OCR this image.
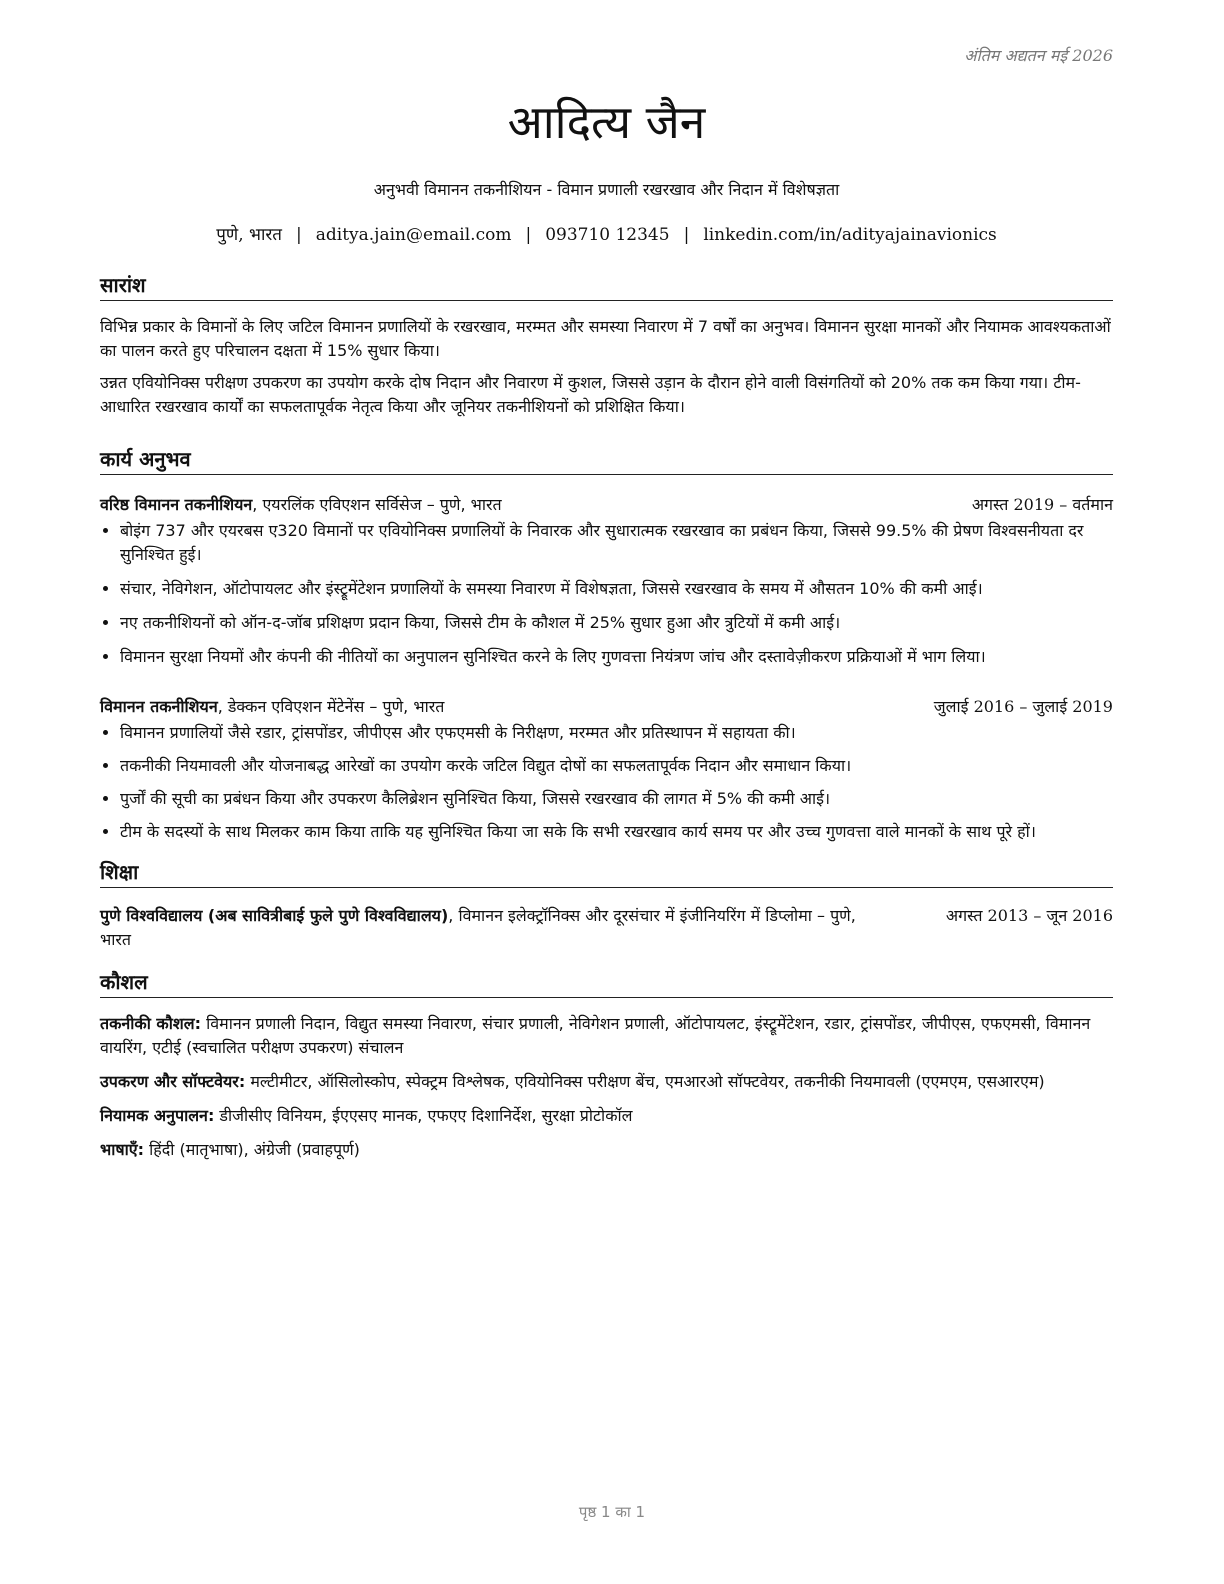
अंतिम अद्यतन मई 2026
आदित्य जैन
अनुभवी विमानन तकनीशियन - विमान प्रणाली रखरखाव और निदान में विशेषज्ञता
पुणे, भारत | aditya.jain@email.com | 093710 12345 | linkedin.com/in/adityajainavionics
सारांश

विभिन्न प्रकार के विमानों के लिए जटिल विमानन प्रणालियों के रखरखाव, मरम्मत और समस्या निवारण में 7 वर्षों का अनुभव। विमानन सुरक्षा मानकों और नियामक आवश्यकताओं का पालन करते हुए परिचालन दक्षता में 15% सुधार किया।

उन्नत एवियोनिक्स परीक्षण उपकरण का उपयोग करके दोष निदान और निवारण में कुशल, जिससे उड़ान के दौरान होने वाली विसंगतियों को 20% तक कम किया गया। टीम-आधारित रखरखाव कार्यों का सफलतापूर्वक नेतृत्व किया और जूनियर तकनीशियनों को प्रशिक्षित किया।

कार्य अनुभव
वरिष्ठ विमानन तकनीशियन, एयरलिंक एविएशन सर्विसेज – पुणे, भारत	अगस्त 2019 – वर्तमान
• बोइंग 737 और एयरबस ए320 विमानों पर एवियोनिक्स प्रणालियों के निवारक और सुधारात्मक रखरखाव का प्रबंधन किया, जिससे 99.5% की प्रेषण विश्वसनीयता दर सुनिश्चित हुई।
• संचार, नेविगेशन, ऑटोपायलट और इंस्ट्रूमेंटेशन प्रणालियों के समस्या निवारण में विशेषज्ञता, जिससे रखरखाव के समय में औसतन 10% की कमी आई।
• नए तकनीशियनों को ऑन-द-जॉब प्रशिक्षण प्रदान किया, जिससे टीम के कौशल में 25% सुधार हुआ और त्रुटियों में कमी आई।
• विमानन सुरक्षा नियमों और कंपनी की नीतियों का अनुपालन सुनिश्चित करने के लिए गुणवत्ता नियंत्रण जांच और दस्तावेज़ीकरण प्रक्रियाओं में भाग लिया।
विमानन तकनीशियन, डेक्कन एविएशन मेंटेनेंस – पुणे, भारत	जुलाई 2016 – जुलाई 2019
• विमानन प्रणालियों जैसे रडार, ट्रांसपोंडर, जीपीएस और एफएमसी के निरीक्षण, मरम्मत और प्रतिस्थापन में सहायता की।
• तकनीकी नियमावली और योजनाबद्ध आरेखों का उपयोग करके जटिल विद्युत दोषों का सफलतापूर्वक निदान और समाधान किया।
• पुर्जों की सूची का प्रबंधन किया और उपकरण कैलिब्रेशन सुनिश्चित किया, जिससे रखरखाव की लागत में 5% की कमी आई।
• टीम के सदस्यों के साथ मिलकर काम किया ताकि यह सुनिश्चित किया जा सके कि सभी रखरखाव कार्य समय पर और उच्च गुणवत्ता वाले मानकों के साथ पूरे हों।
शिक्षा
पुणे विश्वविद्यालय (अब सावित्रीबाई फुले पुणे विश्वविद्यालय), विमानन इलेक्ट्रॉनिक्स और दूरसंचार में इंजीनियरिंग में डिप्लोमा – पुणे, भारत
अगस्त 2013 – जून 2016
कौशल

तकनीकी कौशल: विमानन प्रणाली निदान, विद्युत समस्या निवारण, संचार प्रणाली, नेविगेशन प्रणाली, ऑटोपायलट, इंस्ट्रूमेंटेशन, रडार, ट्रांसपोंडर, जीपीएस, एफएमसी, विमानन वायरिंग, एटीई (स्वचालित परीक्षण उपकरण) संचालन

उपकरण और सॉफ्टवेयर: मल्टीमीटर, ऑसिलोस्कोप, स्पेक्ट्रम विश्लेषक, एवियोनिक्स परीक्षण बेंच, एमआरओ सॉफ्टवेयर, तकनीकी नियमावली (एएमएम, एसआरएम)

नियामक अनुपालन: डीजीसीए विनियम, ईएएसए मानक, एफएए दिशानिर्देश, सुरक्षा प्रोटोकॉल

भाषाएँ: हिंदी (मातृभाषा), अंग्रेजी (प्रवाहपूर्ण)

पृष्ठ 1 का 1
